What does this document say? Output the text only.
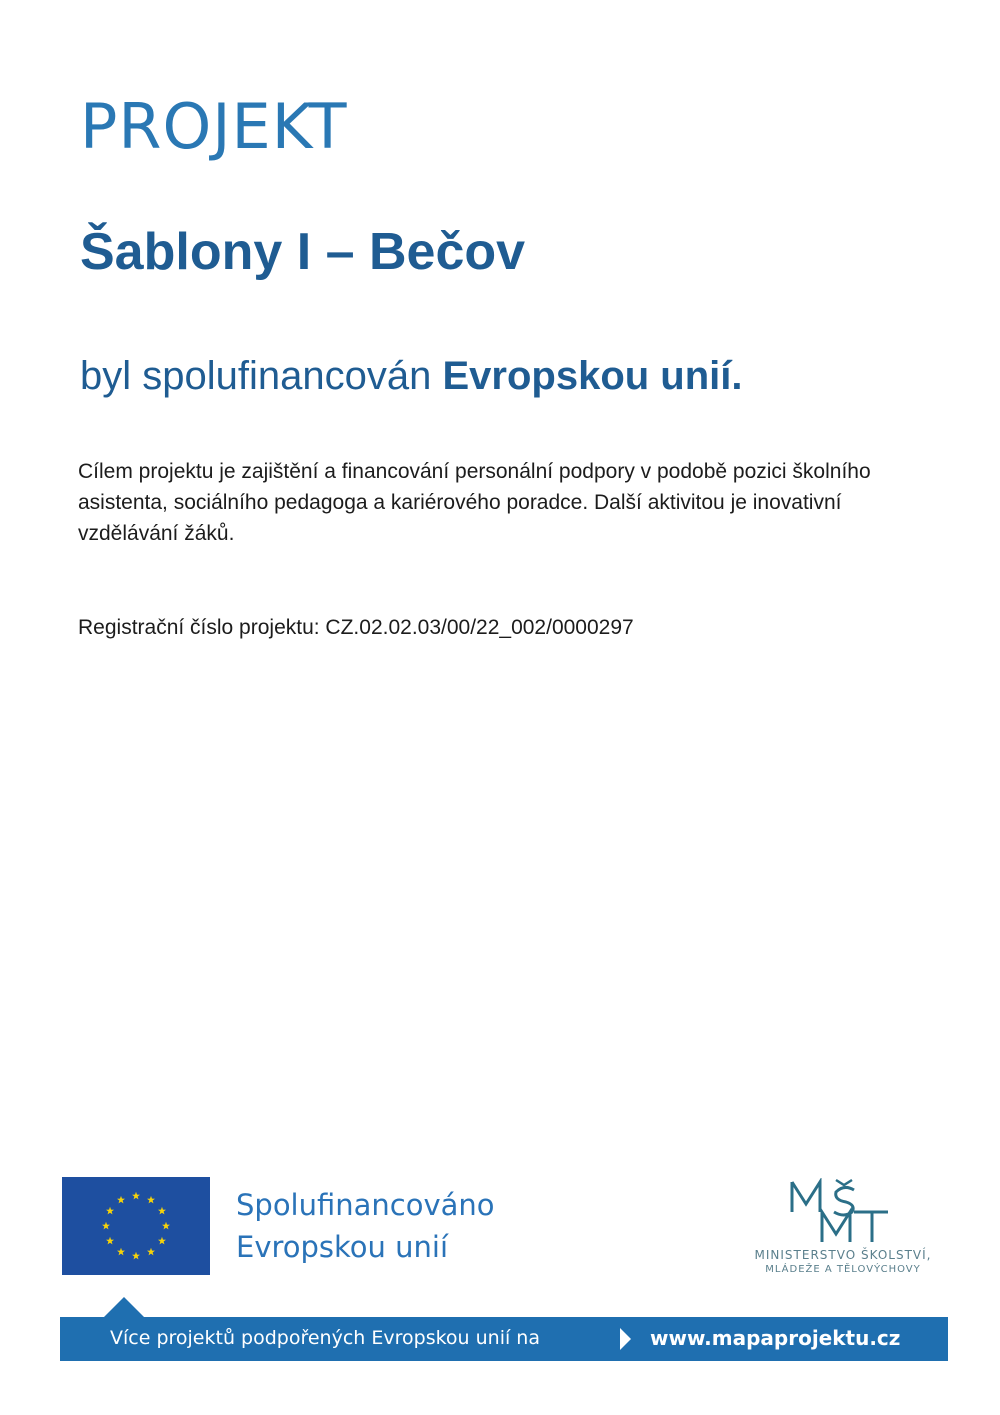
PROJEKT
Šablony I – Bečov

byl spolufinancován Evropskou unií.

Cílem projektu je zajištění a financování personální podpory v podobě pozici školního asistenta, sociálního pedagoga a kariérového poradce. Další aktivitou je inovativní vzdělávání žáků.

Registrační číslo projektu: CZ.02.02.03/00/22_002/0000297

Spolufinancováno
Evropskou unií	MINISTERSTVO ŠKOLSTVÍ,
MLÁDEŽE A TĚLOVÝCHOVY
Více projektů podpořených Evropskou unií na	www.mapaprojektu.cz
